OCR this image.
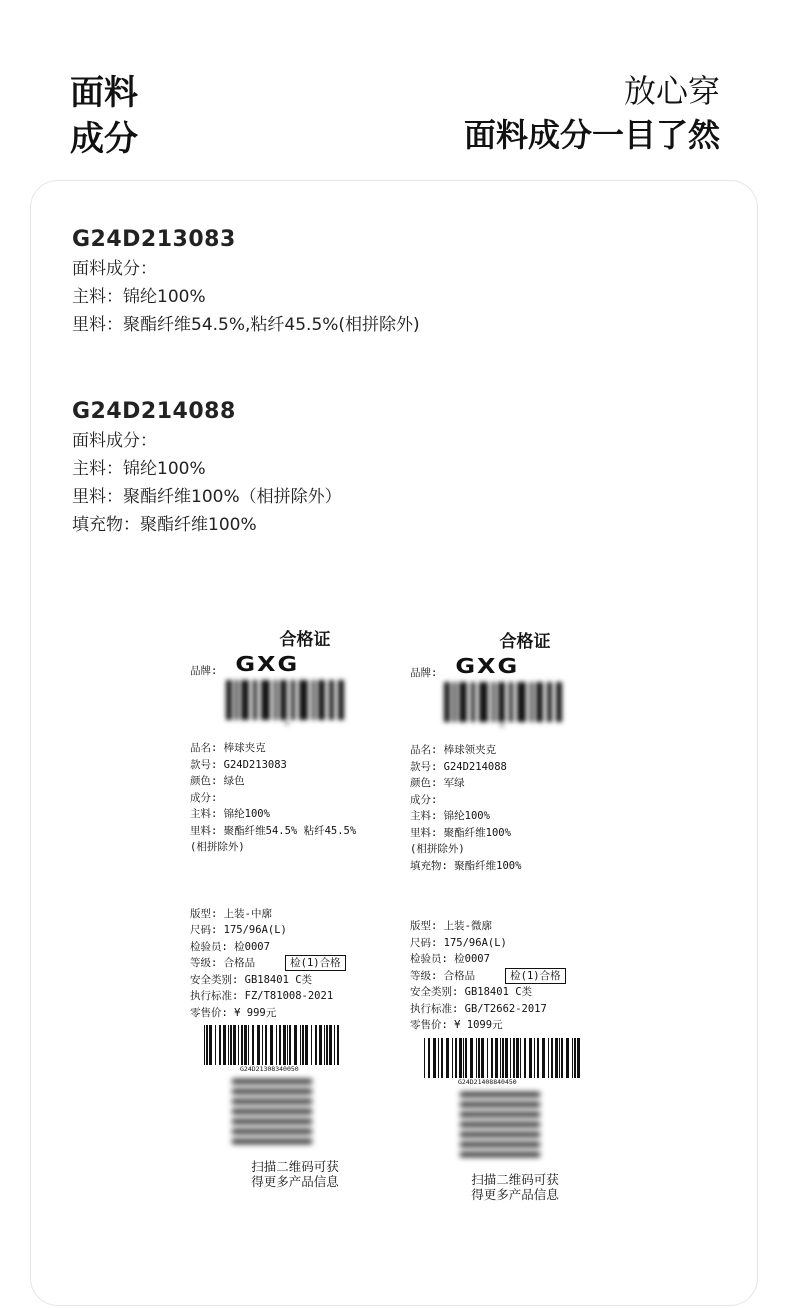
面料
成分
放心穿
面料成分一目了然
G24D213083
面料成分：
主料：锦纶100%
里料：聚酯纤维54.5%,粘纤45.5%(相拼除外)
G24D214088
面料成分：
主料：锦纶100%
里料：聚酯纤维100%（相拼除外）
填充物：聚酯纤维100%
合格证
品牌: GXG
品名: 棒球夹克
款号: G24D213083
颜色: 绿色
成分:
主料: 锦纶100%
里料: 聚酯纤维54.5% 粘纤45.5%
(相拼除外)
版型: 上装-中廓
尺码: 175/96A(L)
检验员: 检0007
等级: 合格品	检(1)合格
安全类别: GB18401 C类
执行标准: FZ/T81008-2021
零售价: ¥ 999元
G24D21308340050
扫描二维码可获
得更多产品信息
合格证
品牌: GXG
品名: 棒球领夹克
款号: G24D214088
颜色: 军绿
成分:
主料: 锦纶100%
里料: 聚酯纤维100%
(相拼除外)
填充物: 聚酯纤维100%
版型: 上装-微廓
尺码: 175/96A(L)
检验员: 检0007
等级: 合格品	检(1)合格
安全类别: GB18401 C类
执行标准: GB/T2662-2017
零售价: ¥ 1099元
G24D21408840450
扫描二维码可获
得更多产品信息
